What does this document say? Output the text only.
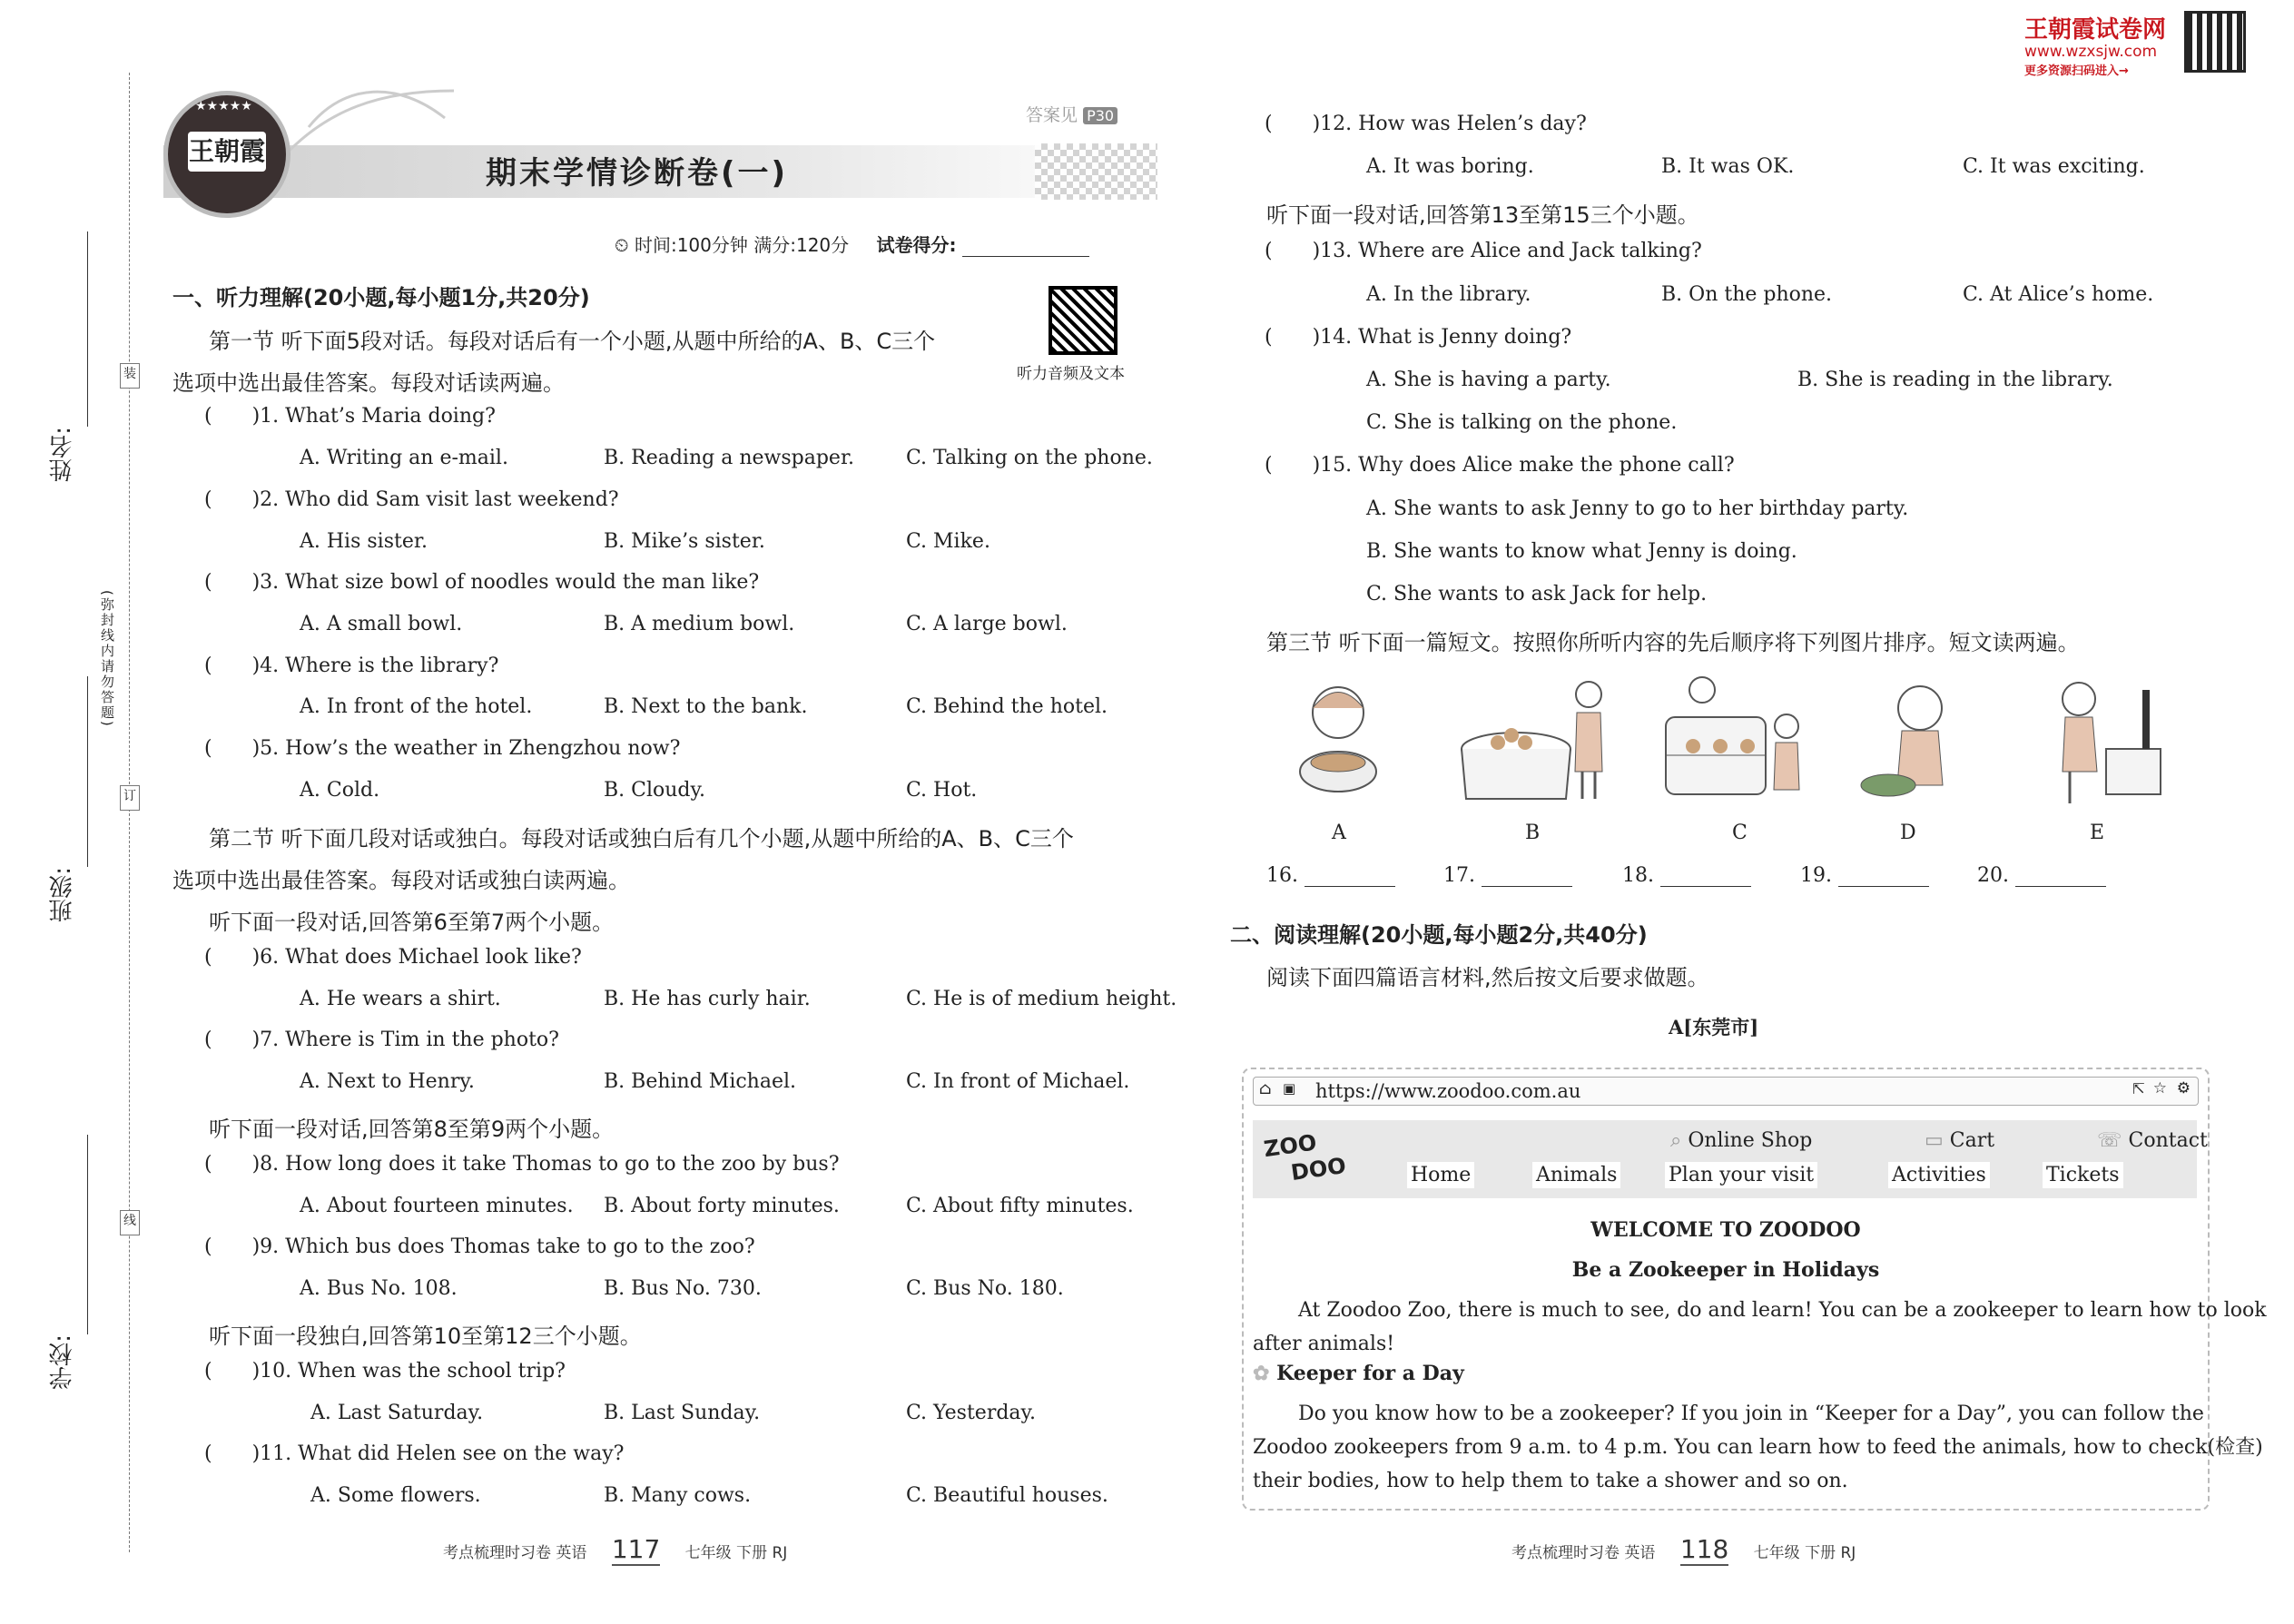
王朝霞试卷网
www.wzxsjw.com
更多资源扫码进入→
姓名:
班级:
学校:
(弥封线内请勿答题)
装
订
线
★★★★★
王朝霞
答案见 P30
期末学情诊断卷(一)
⏲ 时间:100分钟 满分:120分 试卷得分:
一、听力理解(20小题,每小题1分,共20分)
听力音频及文本
第一节 听下面5段对话。每段对话后有一个小题,从题中所给的A、B、C三个
选项中选出最佳答案。每段对话读两遍。
( )1. What’s Maria doing?
A. Writing an e-mail.	B. Reading a newspaper.	C. Talking on the phone.
( )2. Who did Sam visit last weekend?
A. His sister.	B. Mike’s sister.	C. Mike.
( )3. What size bowl of noodles would the man like?
A. A small bowl.	B. A medium bowl.	C. A large bowl.
( )4. Where is the library?
A. In front of the hotel.	B. Next to the bank.	C. Behind the hotel.
( )5. How’s the weather in Zhengzhou now?
A. Cold.	B. Cloudy.	C. Hot.
第二节 听下面几段对话或独白。每段对话或独白后有几个小题,从题中所给的A、B、C三个
选项中选出最佳答案。每段对话或独白读两遍。
听下面一段对话,回答第6至第7两个小题。
( )6. What does Michael look like?
A. He wears a shirt.	B. He has curly hair.	C. He is of medium height.
( )7. Where is Tim in the photo?
A. Next to Henry.	B. Behind Michael.	C. In front of Michael.
听下面一段对话,回答第8至第9两个小题。
( )8. How long does it take Thomas to go to the zoo by bus?
A. About fourteen minutes. B. About forty minutes.	C. About fifty minutes.
( )9. Which bus does Thomas take to go to the zoo?
A. Bus No. 108.	B. Bus No. 730.	C. Bus No. 180.
听下面一段独白,回答第10至第12三个小题。
( )10. When was the school trip?
A. Last Saturday.	B. Last Sunday.	C. Yesterday.
( )11. What did Helen see on the way?
A. Some flowers.	B. Many cows.	C. Beautiful houses.
( )12. How was Helen’s day?
A. It was boring.	B. It was OK.	C. It was exciting.
听下面一段对话,回答第13至第15三个小题。
( )13. Where are Alice and Jack talking?
A. In the library.	B. On the phone.	C. At Alice’s home.
( )14. What is Jenny doing?
A. She is having a party.	B. She is reading in the library.
C. She is talking on the phone.
( )15. Why does Alice make the phone call?
A. She wants to ask Jenny to go to her birthday party.
B. She wants to know what Jenny is doing.
C. She wants to ask Jack for help.
第三节 听下面一篇短文。按照你所听内容的先后顺序将下列图片排序。短文读两遍。
A	B	C	D	E
16.	17.	18.	19.	20.
二、阅读理解(20小题,每小题2分,共40分)
阅读下面四篇语言材料,然后按文后要求做题。
A[东莞市]
⌂ ▣ https://www.zoodoo.com.au	⇱ ☆ ⚙
ZOO
DOO
⌕ Online Shop	▭ Cart	☏ Contact
Home	Animals	Plan your visit	Activities	Tickets
WELCOME TO ZOODOO
Be a Zookeeper in Holidays
At Zoodoo Zoo, there is much to see, do and learn! You can be a zookeeper to learn how to look
after animals!
✿ Keeper for a Day
Do you know how to be a zookeeper? If you join in “Keeper for a Day”, you can follow the
Zoodoo zookeepers from 9 a.m. to 4 p.m. You can learn how to feed the animals, how to check(检查)
their bodies, how to help them to take a shower and so on.
考点梳理时习卷 英语 117 七年级 下册 RJ	考点梳理时习卷 英语 118 七年级 下册 RJ
